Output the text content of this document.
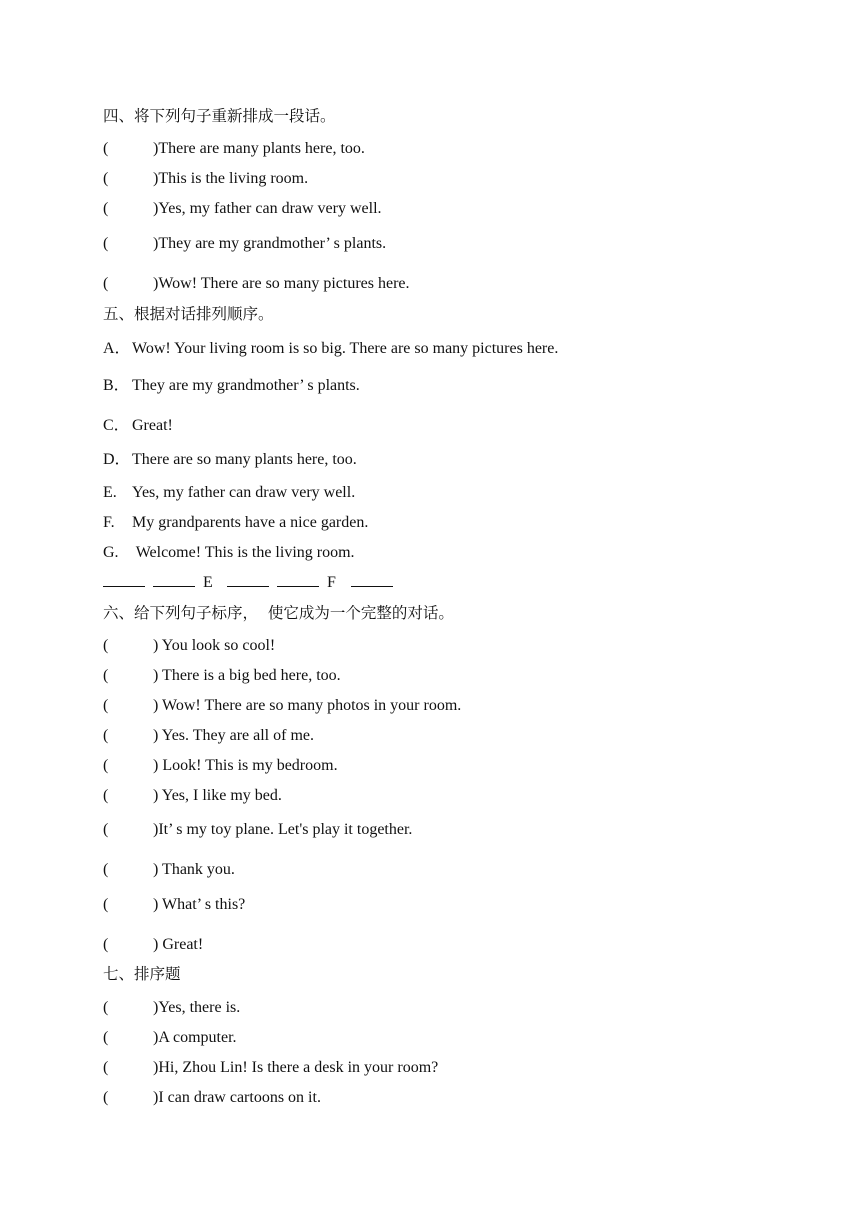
四、将下列句子重新排成一段话。
(	)There are many plants here, too.
(	)This is the living room.
(	)Yes, my father can draw very well.
(	)They are my grandmother’ s plants.
(	)Wow! There are so many pictures here.
五、根据对话排列顺序。
A．Wow! Your living room is so big. There are so many pictures here.
B． They are my grandmother’ s plants.
C． Great!
D．There are so many plants here, too.
E. Yes, my father can draw very well.
F. My grandparents have a nice garden.
G. Welcome! This is the living room.
E	F
六、给下列句子标序，  使它成为一个完整的对话。
(	) You look so cool!
(	) There is a big bed here, too.
(	) Wow! There are so many photos in your room.
(	) Yes. They are all of me.
(	) Look! This is my bedroom.
(	) Yes, I like my bed.
(	)It’ s my toy plane. Let's play it together.
(	) Thank you.
(	) What’ s this?
(	) Great!
七、排序题
(	)Yes, there is.
(	)A computer.
(	)Hi, Zhou Lin! Is there a desk in your room?
(	)I can draw cartoons on it.
